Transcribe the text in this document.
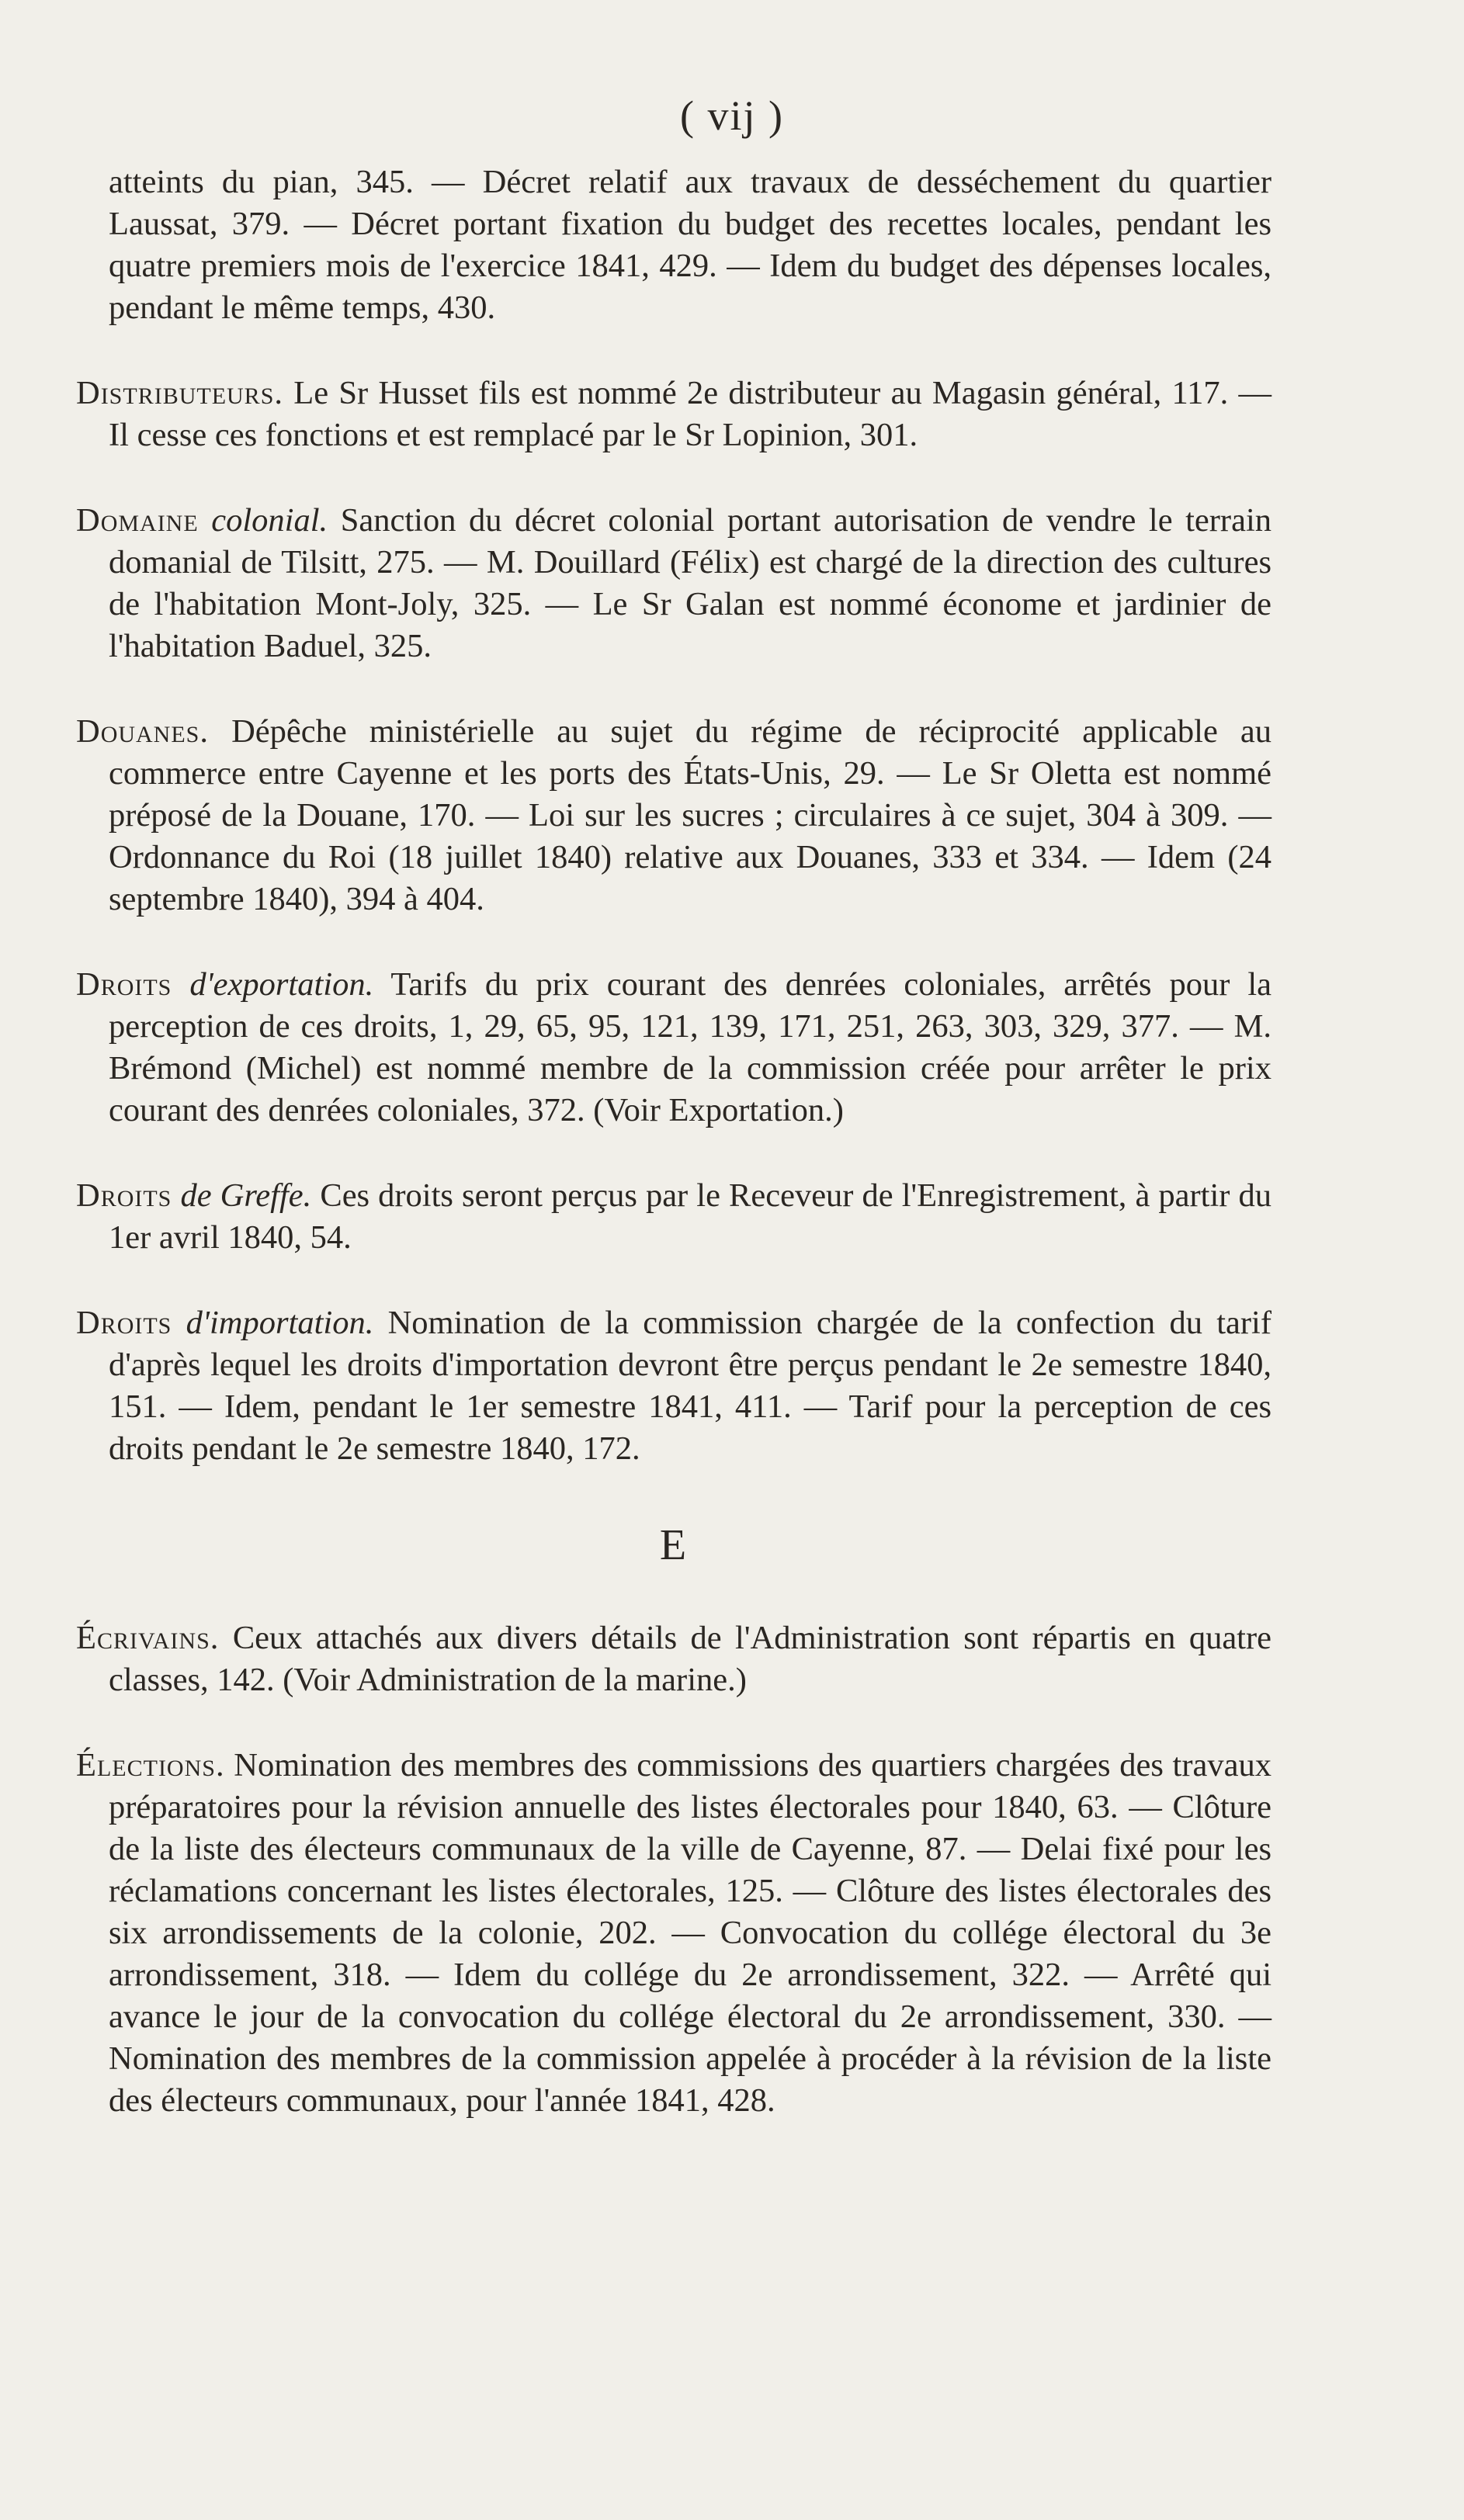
( vij )

atteints du pian, 345. — Décret relatif aux travaux de desséchement du quartier Laussat, 379. — Décret portant fixation du budget des recettes locales, pendant les quatre premiers mois de l'exercice 1841, 429. — Idem du budget des dépenses locales, pendant le même temps, 430.

Distributeurs. Le Sr Husset fils est nommé 2e distributeur au Magasin général, 117. — Il cesse ces fonctions et est remplacé par le Sr Lopinion, 301.

Domaine colonial. Sanction du décret colonial portant autorisation de vendre le terrain domanial de Tilsitt, 275. — M. Douillard (Félix) est chargé de la direction des cultures de l'habitation Mont-Joly, 325. — Le Sr Galan est nommé économe et jardinier de l'habitation Baduel, 325.

Douanes. Dépêche ministérielle au sujet du régime de réciprocité applicable au commerce entre Cayenne et les ports des États-Unis, 29. — Le Sr Oletta est nommé préposé de la Douane, 170. — Loi sur les sucres ; circulaires à ce sujet, 304 à 309. — Ordonnance du Roi (18 juillet 1840) relative aux Douanes, 333 et 334. — Idem (24 septembre 1840), 394 à 404.

Droits d'exportation. Tarifs du prix courant des denrées coloniales, arrêtés pour la perception de ces droits, 1, 29, 65, 95, 121, 139, 171, 251, 263, 303, 329, 377. — M. Brémond (Michel) est nommé membre de la commission créée pour arrêter le prix courant des denrées coloniales, 372. (Voir Exportation.)

Droits de Greffe. Ces droits seront perçus par le Receveur de l'Enregistrement, à partir du 1er avril 1840, 54.

Droits d'importation. Nomination de la commission chargée de la confection du tarif d'après lequel les droits d'importation devront être perçus pendant le 2e semestre 1840, 151. — Idem, pendant le 1er semestre 1841, 411. — Tarif pour la perception de ces droits pendant le 2e semestre 1840, 172.

E

Écrivains. Ceux attachés aux divers détails de l'Administration sont répartis en quatre classes, 142. (Voir Administration de la marine.)

Élections. Nomination des membres des commissions des quartiers chargées des travaux préparatoires pour la révision annuelle des listes électorales pour 1840, 63. — Clôture de la liste des électeurs communaux de la ville de Cayenne, 87. — Delai fixé pour les réclamations concernant les listes électorales, 125. — Clôture des listes électorales des six arrondissements de la colonie, 202. — Convocation du collége électoral du 3e arrondissement, 318. — Idem du collége du 2e arrondissement, 322. — Arrêté qui avance le jour de la convocation du collége électoral du 2e arrondissement, 330. — Nomination des membres de la commission appelée à procéder à la révision de la liste des électeurs communaux, pour l'année 1841, 428.
